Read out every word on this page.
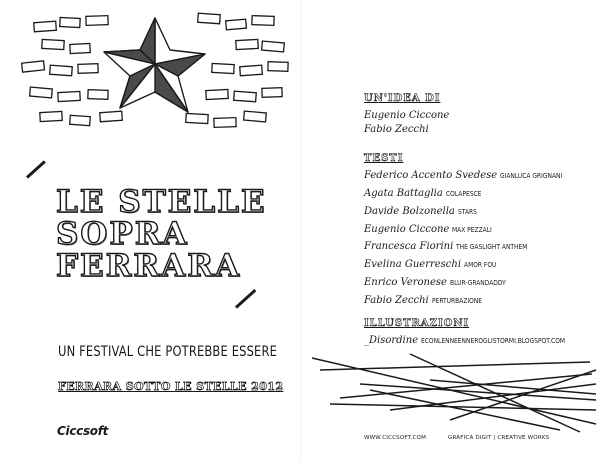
LE STELLE
SOPRA
FERRARA
UN FESTIVAL CHE POTREBBE ESSERE
FERRARA SOTTO LE STELLE 2012
Ciccsoft
UN'IDEA DI
Eugenio Ciccone
Fabio Zecchi
TESTI
Federico Accento Svedese GIANLUCA GRIGNANI
Agata Battaglia COLAPESCE
Davide Bolzonella STARS
Eugenio Ciccone MAX PEZZALI
Francesca Fiorini THE GASLIGHT ANTHEM
Evelina Guerreschi AMOR FOU
Enrico Veronese BLUR-GRANDADDY
Fabio Zecchi PERTURBAZIONE
ILLUSTRAZIONI
_Disordine ECONLENNEENNEROGLISTORMI.BLOGSPOT.COM
WWW.CICCSOFT.COM	GRAFICA DIGIT | CREATIVE WORKS
